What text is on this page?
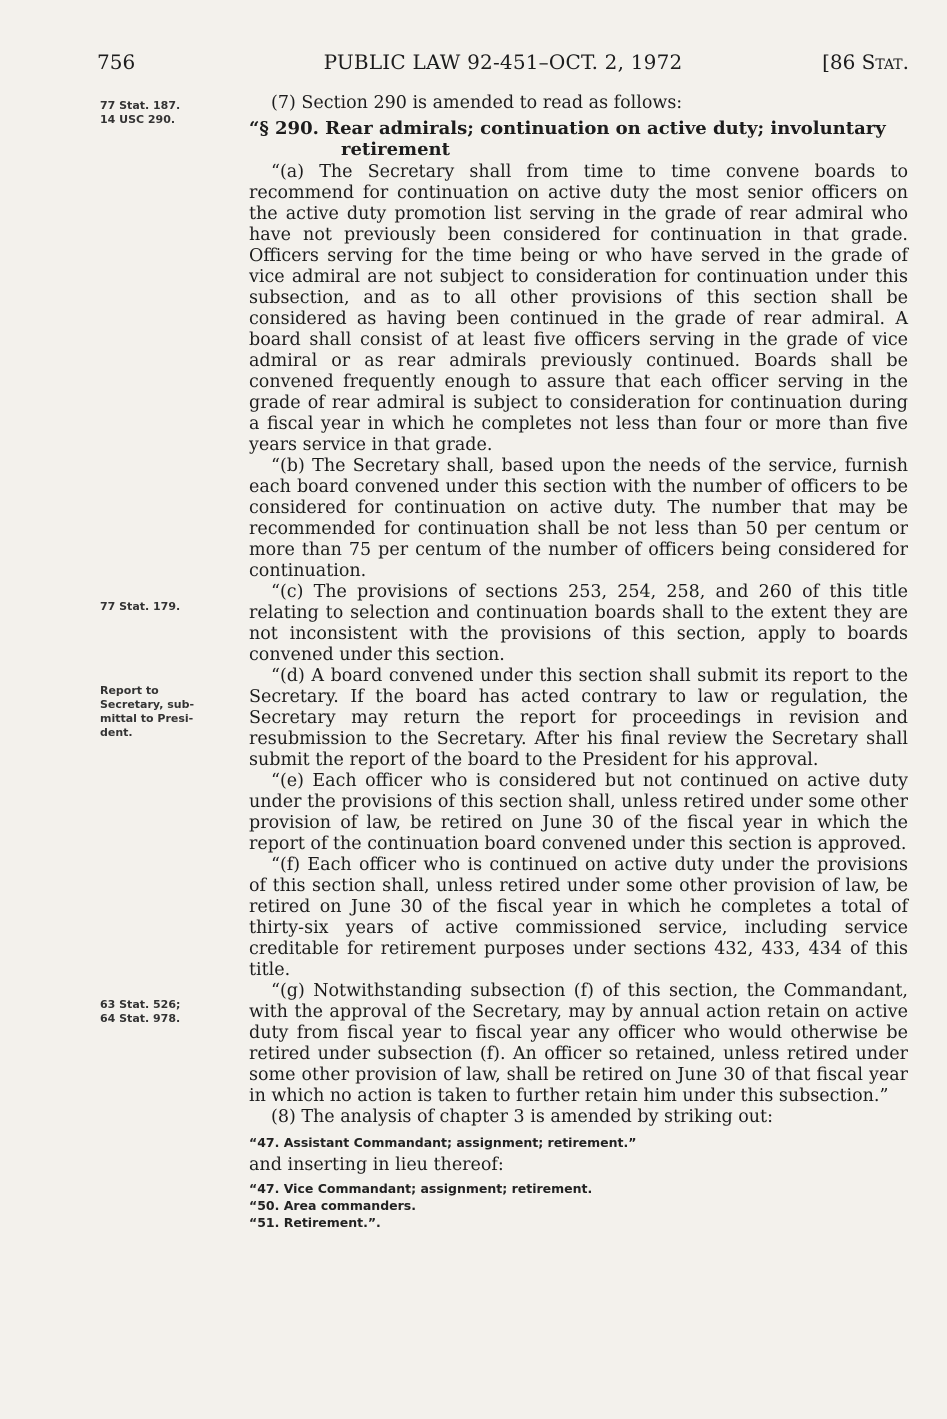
756	PUBLIC LAW 92-451–OCT. 2, 1972	[86 Stat.
77 Stat. 187.
14 USC 290.
77 Stat. 179.
Report to
Secretary, sub-
mittal to Presi-
dent.
63 Stat. 526;
64 Stat. 978.
(7) Section 290 is amended to read as follows:
“§ 290. Rear admirals; continuation on active duty; involuntary retirement

“(a) The Secretary shall from time to time convene boards to recommend for continuation on active duty the most senior officers on the active duty promotion list serving in the grade of rear admiral who have not previously been considered for continuation in that grade. Officers serving for the time being or who have served in the grade of vice admiral are not subject to consideration for continuation under this subsection, and as to all other provisions of this section shall be considered as having been continued in the grade of rear admiral. A board shall consist of at least five officers serving in the grade of vice admiral or as rear admirals previously continued. Boards shall be convened frequently enough to assure that each officer serving in the grade of rear admiral is subject to consideration for continuation during a fiscal year in which he completes not less than four or more than five years service in that grade.

“(b) The Secretary shall, based upon the needs of the service, furnish each board convened under this section with the number of officers to be considered for continuation on active duty. The number that may be recommended for continuation shall be not less than 50 per centum or more than 75 per centum of the number of officers being considered for continuation.

“(c) The provisions of sections 253, 254, 258, and 260 of this title relating to selection and continuation boards shall to the extent they are not inconsistent with the provisions of this section, apply to boards convened under this section.

“(d) A board convened under this section shall submit its report to the Secretary. If the board has acted contrary to law or regulation, the Secretary may return the report for proceedings in revision and resubmission to the Secretary. After his final review the Secretary shall submit the report of the board to the President for his approval.

“(e) Each officer who is considered but not continued on active duty under the provisions of this section shall, unless retired under some other provision of law, be retired on June 30 of the fiscal year in which the report of the continuation board convened under this section is approved.

“(f) Each officer who is continued on active duty under the provisions of this section shall, unless retired under some other provision of law, be retired on June 30 of the fiscal year in which he completes a total of thirty-six years of active commissioned service, including service creditable for retirement purposes under sections 432, 433, 434 of this title.

“(g) Notwithstanding subsection (f) of this section, the Commandant, with the approval of the Secretary, may by annual action retain on active duty from fiscal year to fiscal year any officer who would otherwise be retired under subsection (f). An officer so retained, unless retired under some other provision of law, shall be retired on June 30 of that fiscal year in which no action is taken to further retain him under this subsection.”

(8) The analysis of chapter 3 is amended by striking out:

“47. Assistant Commandant; assignment; retirement.”
and inserting in lieu thereof:
“47. Vice Commandant; assignment; retirement.
“50. Area commanders.
“51. Retirement.”.
